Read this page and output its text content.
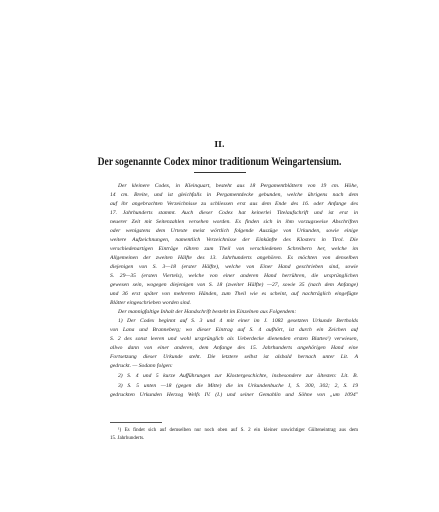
II.
Der sogenannte Codex minor traditionum Weingartensium.
Der kleinere Codex, in Kleinquart, besteht aus 18 Pergamentblättern von 19 cm. Höhe,
14 cm. Breite, und ist gleichfalls in Pergamentdecke gebunden, welche übrigens nach dem
auf ihr angebrachten Verzeichnisse zu schliessen erst aus dem Ende des 16. oder Anfange des
17. Jahrhunderts stammt. Auch dieser Codex hat keinerlei Titelaufschrift und ist erst in
neuerer Zeit mit Seitenzahlen versehen worden. Es finden sich in ihm vorzugsweise Abschriften
oder wenigstens dem Urtexte meist wörtlich folgende Auszüge von Urkunden, sowie einige
weitere Aufzeichnungen, namentlich Verzeichnisse der Einkünfte des Klosters in Tirol. Die
verschiedenartigen Einträge rühren zum Theil von verschiedenen Schreibern her, welche im
Allgemeinen der zweiten Hälfte des 13. Jahrhunderts angehören. Es möchten von denselben
diejenigen von S. 3—18 (erster Hälfte), welche von Einer Hand geschrieben sind, sowie
S. 29—35 (ersten Viertels), welche von einer anderen Hand herrühren, die ursprünglichen
gewesen sein, wogegen diejenigen von S. 18 (zweiter Hälfte) —27, sowie 35 (nach dem Anfange)
und 36 erst später von mehreren Händen, zum Theil wie es scheint, auf nachträglich eingefügte
Blätter eingeschrieben worden sind.
Der mannigfaltige Inhalt der Handschrift besteht im Einzelnen aus Folgendem:
1) Der Codex beginnt auf S. 3 und 4 mit einer im J. 1082 gesetzten Urkunde Bertholds
von Lana und Branneberg; wo dieser Eintrag auf S. 4 aufhört, ist durch ein Zeichen auf
S. 2 des sonst leeren und wohl ursprünglich als Ueberdecke dienenden ersten Blattes¹) verwiesen,
allwo dann von einer anderen, dem Anfange des 15. Jahrhunderts angehörigen Hand eine
Fortsetzung dieser Urkunde steht. Die letztere selbst ist alsbald hernach unter Lit. A
gedruckt. — Sodann folgen:
2) S. 4 und 5 kurze Aufführungen zur Klostergeschichte, insbesondere zur ältesten: Lit. B.
3) S. 5 unten —18 (gegen die Mitte) die im Urkundenbuche I, S. 300, 302; 2, S. 19
gedruckten Urkunden Herzog Welfs IV. (I.) und seiner Gemahlin und Söhne von „um 1094"
¹) Es findet sich auf demselben nur noch oben auf S. 2 ein kleiner unwichtiger Gülteneintrag aus dem
15. Jahrhunderts.
